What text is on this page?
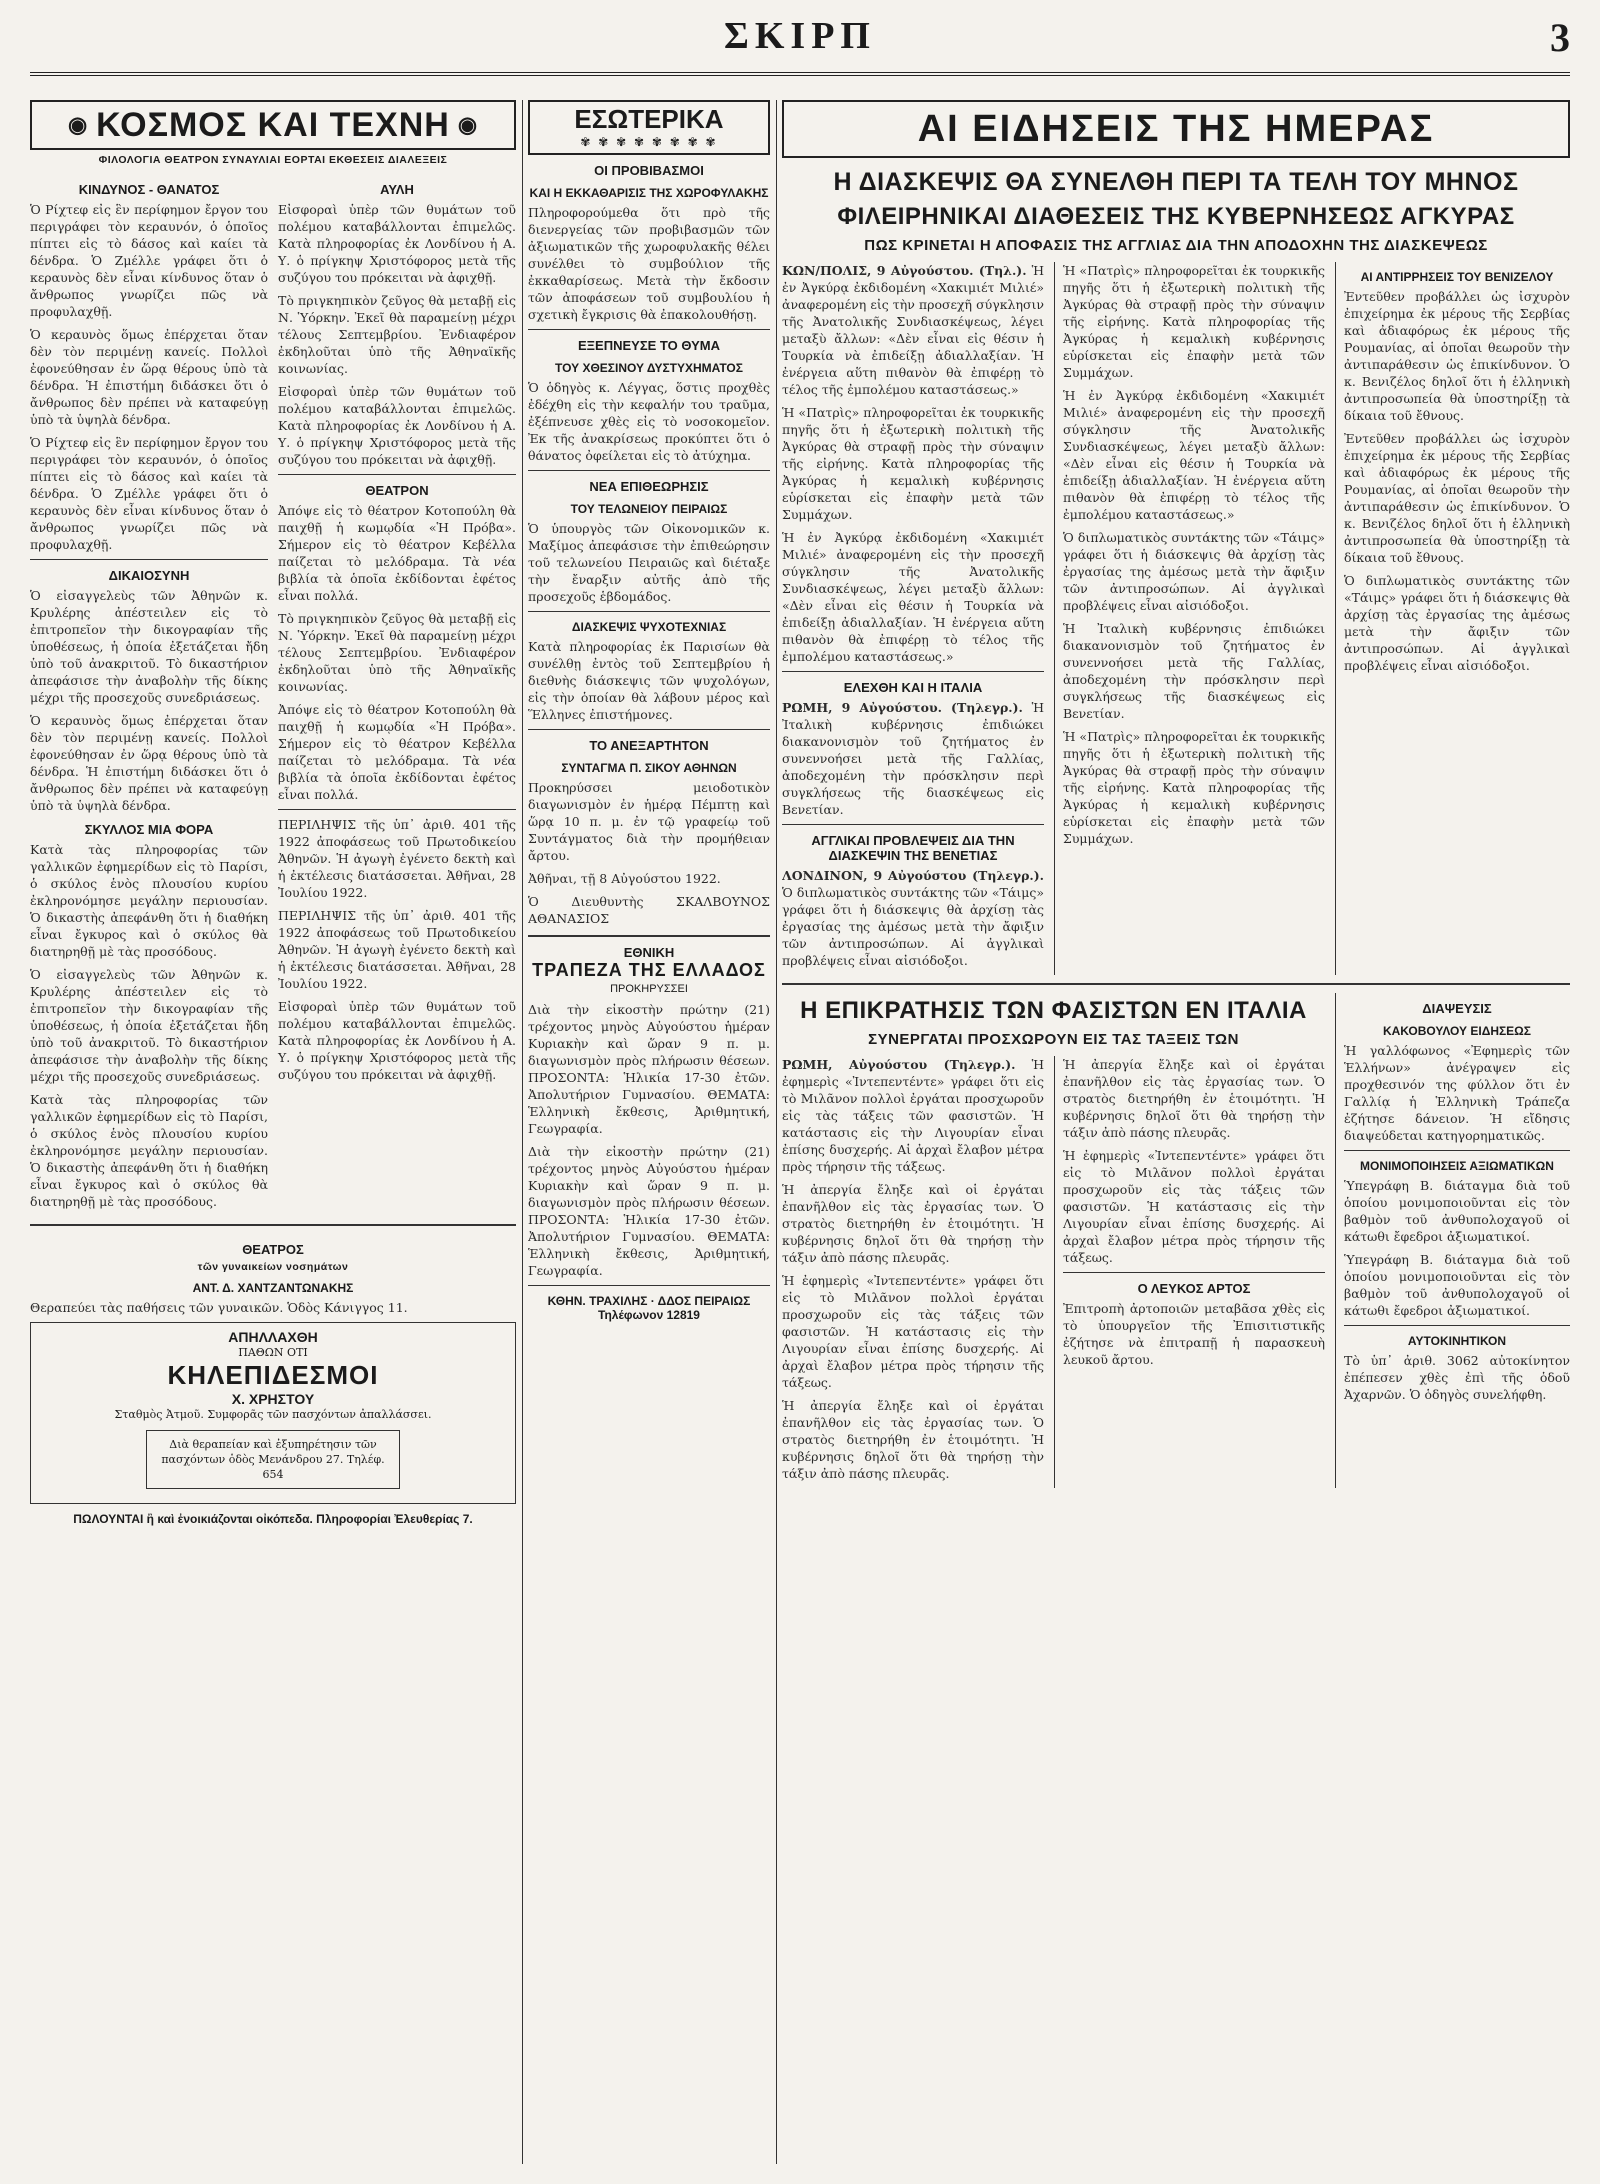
ΣΚΙΡΠ	3
◉ ΚΟΣΜΟΣ ΚΑΙ ΤΕΧΝΗ ◉
ΦΙΛΟΛΟΓΙΑ ΘΕΑΤΡΟΝ ΣΥΝΑΥΛΙΑΙ ΕΟΡΤΑΙ ΕΚΘΕΣΕΙΣ ΔΙΑΛΕΞΕΙΣ
ΚΙΝΔΥΝΟΣ - ΘΑΝΑΤΟΣ

Ὁ Ρίχτεφ εἰς ἓν περίφημον ἔργον του περιγράφει τὸν κεραυνόν, ὁ ὁποῖος πίπτει εἰς τὸ δάσος καὶ καίει τὰ δένδρα. Ὁ Ζμέλλε γράφει ὅτι ὁ κεραυνὸς δὲν εἶναι κίνδυνος ὅταν ὁ ἄνθρωπος γνωρίζει πῶς νὰ προφυλαχθῇ.

Ὁ κεραυνὸς ὅμως ἐπέρχεται ὅταν δὲν τὸν περιμένῃ κανείς. Πολλοὶ ἐφονεύθησαν ἐν ὥρᾳ θέρους ὑπὸ τὰ δένδρα. Ἡ ἐπιστήμη διδάσκει ὅτι ὁ ἄνθρωπος δὲν πρέπει νὰ καταφεύγῃ ὑπὸ τὰ ὑψηλὰ δένδρα.

Ὁ Ρίχτεφ εἰς ἓν περίφημον ἔργον του περιγράφει τὸν κεραυνόν, ὁ ὁποῖος πίπτει εἰς τὸ δάσος καὶ καίει τὰ δένδρα. Ὁ Ζμέλλε γράφει ὅτι ὁ κεραυνὸς δὲν εἶναι κίνδυνος ὅταν ὁ ἄνθρωπος γνωρίζει πῶς νὰ προφυλαχθῇ.

ΔΙΚΑΙΟΣΥΝΗ

Ὁ εἰσαγγελεὺς τῶν Ἀθηνῶν κ. Κρυλέρης ἀπέστειλεν εἰς τὸ ἐπιτροπεῖον τὴν δικογραφίαν τῆς ὑποθέσεως, ἡ ὁποία ἐξετάζεται ἤδη ὑπὸ τοῦ ἀνακριτοῦ. Τὸ δικαστήριον ἀπεφάσισε τὴν ἀναβολὴν τῆς δίκης μέχρι τῆς προσεχοῦς συνεδριάσεως.

Ὁ κεραυνὸς ὅμως ἐπέρχεται ὅταν δὲν τὸν περιμένῃ κανείς. Πολλοὶ ἐφονεύθησαν ἐν ὥρᾳ θέρους ὑπὸ τὰ δένδρα. Ἡ ἐπιστήμη διδάσκει ὅτι ὁ ἄνθρωπος δὲν πρέπει νὰ καταφεύγῃ ὑπὸ τὰ ὑψηλὰ δένδρα.

ΣΚΥΛΛΟΣ ΜΙΑ ΦΟΡΑ

Κατὰ τὰς πληροφορίας τῶν γαλλικῶν ἐφημερίδων εἰς τὸ Παρίσι, ὁ σκύλος ἑνὸς πλουσίου κυρίου ἐκληρονόμησε μεγάλην περιουσίαν. Ὁ δικαστὴς ἀπεφάνθη ὅτι ἡ διαθήκη εἶναι ἔγκυρος καὶ ὁ σκύλος θὰ διατηρηθῇ μὲ τὰς προσόδους.

Ὁ εἰσαγγελεὺς τῶν Ἀθηνῶν κ. Κρυλέρης ἀπέστειλεν εἰς τὸ ἐπιτροπεῖον τὴν δικογραφίαν τῆς ὑποθέσεως, ἡ ὁποία ἐξετάζεται ἤδη ὑπὸ τοῦ ἀνακριτοῦ. Τὸ δικαστήριον ἀπεφάσισε τὴν ἀναβολὴν τῆς δίκης μέχρι τῆς προσεχοῦς συνεδριάσεως.

Κατὰ τὰς πληροφορίας τῶν γαλλικῶν ἐφημερίδων εἰς τὸ Παρίσι, ὁ σκύλος ἑνὸς πλουσίου κυρίου ἐκληρονόμησε μεγάλην περιουσίαν. Ὁ δικαστὴς ἀπεφάνθη ὅτι ἡ διαθήκη εἶναι ἔγκυρος καὶ ὁ σκύλος θὰ διατηρηθῇ μὲ τὰς προσόδους.

ΑΥΛΗ

Εἰσφοραὶ ὑπὲρ τῶν θυμάτων τοῦ πολέμου καταβάλλονται ἐπιμελῶς. Κατὰ πληροφορίας ἐκ Λονδίνου ἡ Α. Υ. ὁ πρίγκηψ Χριστόφορος μετὰ τῆς συζύγου του πρόκειται νὰ ἀφιχθῇ.

Τὸ πριγκηπικὸν ζεῦγος θὰ μεταβῇ εἰς Ν. Ὑόρκην. Ἐκεῖ θὰ παραμείνῃ μέχρι τέλους Σεπτεμβρίου. Ἐνδιαφέρον ἐκδηλοῦται ὑπὸ τῆς Ἀθηναϊκῆς κοινωνίας.

Εἰσφοραὶ ὑπὲρ τῶν θυμάτων τοῦ πολέμου καταβάλλονται ἐπιμελῶς. Κατὰ πληροφορίας ἐκ Λονδίνου ἡ Α. Υ. ὁ πρίγκηψ Χριστόφορος μετὰ τῆς συζύγου του πρόκειται νὰ ἀφιχθῇ.

ΘΕΑΤΡΟΝ

Ἀπόψε εἰς τὸ θέατρον Κοτοπούλη θὰ παιχθῇ ἡ κωμῳδία «Ἡ Πρόβα». Σήμερον εἰς τὸ θέατρον Κεβέλλα παίζεται τὸ μελόδραμα. Τὰ νέα βιβλία τὰ ὁποῖα ἐκδίδονται ἐφέτος εἶναι πολλά.

Τὸ πριγκηπικὸν ζεῦγος θὰ μεταβῇ εἰς Ν. Ὑόρκην. Ἐκεῖ θὰ παραμείνῃ μέχρι τέλους Σεπτεμβρίου. Ἐνδιαφέρον ἐκδηλοῦται ὑπὸ τῆς Ἀθηναϊκῆς κοινωνίας.

Ἀπόψε εἰς τὸ θέατρον Κοτοπούλη θὰ παιχθῇ ἡ κωμῳδία «Ἡ Πρόβα». Σήμερον εἰς τὸ θέατρον Κεβέλλα παίζεται τὸ μελόδραμα. Τὰ νέα βιβλία τὰ ὁποῖα ἐκδίδονται ἐφέτος εἶναι πολλά.

ΠΕΡΙΛΗΨΙΣ τῆς ὑπ᾿ ἀριθ. 401 τῆς 1922 ἀποφάσεως τοῦ Πρωτοδικείου Ἀθηνῶν. Ἡ ἀγωγὴ ἐγένετο δεκτὴ καὶ ἡ ἐκτέλεσις διατάσσεται. Ἀθῆναι, 28 Ἰουλίου 1922.

ΠΕΡΙΛΗΨΙΣ τῆς ὑπ᾿ ἀριθ. 401 τῆς 1922 ἀποφάσεως τοῦ Πρωτοδικείου Ἀθηνῶν. Ἡ ἀγωγὴ ἐγένετο δεκτὴ καὶ ἡ ἐκτέλεσις διατάσσεται. Ἀθῆναι, 28 Ἰουλίου 1922.

Εἰσφοραὶ ὑπὲρ τῶν θυμάτων τοῦ πολέμου καταβάλλονται ἐπιμελῶς. Κατὰ πληροφορίας ἐκ Λονδίνου ἡ Α. Υ. ὁ πρίγκηψ Χριστόφορος μετὰ τῆς συζύγου του πρόκειται νὰ ἀφιχθῇ.

ΘΕΑΤΡΟΣ
τῶν γυναικείων νοσημάτων
ΑΝΤ. Δ. ΧΑΝΤΖΑΝΤΩΝΑΚΗΣ

Θεραπεύει τὰς παθήσεις τῶν γυναικῶν. Ὁδὸς Κάνιγγος 11.

ΑΠΗΛΛΑΧΘΗ
ΠΑΘΩΝ ΟΤΙ
ΚΗΛΕΠΙΔΕΣΜΟΙ
Χ. ΧΡΗΣΤΟΥ
Σταθμὸς Ἀτμοῦ. Συμφορᾶς τῶν πασχόντων ἀπαλλάσσει.
Διὰ θεραπείαν καὶ ἐξυπηρέτησιν τῶν πασχόντων ὁδὸς Μενάνδρου 27. Τηλέφ. 654
ΠΩΛΟΥΝΤΑΙ ἢ καὶ ἐνοικιάζονται οἰκόπεδα. Πληροφορίαι Ἐλευθερίας 7.
ΕΣΩΤΕΡΙΚΑ
✾ ✾ ✾ ✾ ✾ ✾ ✾ ✾
ΟΙ ΠΡΟΒΙΒΑΣΜΟΙ
ΚΑΙ Η ΕΚΚΑΘΑΡΙΣΙΣ ΤΗΣ ΧΩΡΟΦΥΛΑΚΗΣ

Πληροφορούμεθα ὅτι πρὸ τῆς διενεργείας τῶν προβιβασμῶν τῶν ἀξιωματικῶν τῆς χωροφυλακῆς θέλει συνέλθει τὸ συμβούλιον τῆς ἐκκαθαρίσεως. Μετὰ τὴν ἔκδοσιν τῶν ἀποφάσεων τοῦ συμβουλίου ἡ σχετικὴ ἔγκρισις θὰ ἐπακολουθήσῃ.

ΕΞΕΠΝΕΥΣΕ ΤΟ ΘΥΜΑ
ΤΟΥ ΧΘΕΣΙΝΟΥ ΔΥΣΤΥΧΗΜΑΤΟΣ

Ὁ ὁδηγὸς κ. Λέγγας, ὅστις προχθὲς ἐδέχθη εἰς τὴν κεφαλήν του τραῦμα, ἐξέπνευσε χθὲς εἰς τὸ νοσοκομεῖον. Ἐκ τῆς ἀνακρίσεως προκύπτει ὅτι ὁ θάνατος ὀφείλεται εἰς τὸ ἀτύχημα.

ΝΕΑ ΕΠΙΘΕΩΡΗΣΙΣ
ΤΟΥ ΤΕΛΩΝΕΙΟΥ ΠΕΙΡΑΙΩΣ

Ὁ ὑπουργὸς τῶν Οἰκονομικῶν κ. Μαξίμος ἀπεφάσισε τὴν ἐπιθεώρησιν τοῦ τελωνείου Πειραιῶς καὶ διέταξε τὴν ἔναρξιν αὐτῆς ἀπὸ τῆς προσεχοῦς ἑβδομάδος.

ΔΙΑΣΚΕΨΙΣ ΨΥΧΟΤΕΧΝΙΑΣ

Κατὰ πληροφορίας ἐκ Παρισίων θὰ συνέλθῃ ἐντὸς τοῦ Σεπτεμβρίου ἡ διεθνὴς διάσκεψις τῶν ψυχολόγων, εἰς τὴν ὁποίαν θὰ λάβουν μέρος καὶ Ἕλληνες ἐπιστήμονες.

ΤΟ ΑΝΕΞΑΡΤΗΤΟΝ
ΣΥΝΤΑΓΜΑ Π. ΣΙΚΟΥ ΑΘΗΝΩΝ

Προκηρύσσει μειοδοτικὸν διαγωνισμὸν ἐν ἡμέρᾳ Πέμπτῃ καὶ ὥρᾳ 10 π. μ. ἐν τῷ γραφείῳ τοῦ Συντάγματος διὰ τὴν προμήθειαν ἄρτου.

Ἀθῆναι, τῇ 8 Αὐγούστου 1922.

Ὁ Διευθυντὴς ΣΚΑΛΒΟΥΝΟΣ ΑΘΑΝΑΣΙΟΣ

ΕΘΝΙΚΗ
ΤΡΑΠΕΖΑ ΤΗΣ ΕΛΛΑΔΟΣ
ΠΡΟΚΗΡΥΣΣΕΙ

Διὰ τὴν εἰκοστὴν πρώτην (21) τρέχοντος μηνὸς Αὐγούστου ἡμέραν Κυριακὴν καὶ ὥραν 9 π. μ. διαγωνισμὸν πρὸς πλήρωσιν θέσεων. ΠΡΟΣΟΝΤΑ: Ἡλικία 17-30 ἐτῶν. Ἀπολυτήριον Γυμνασίου. ΘΕΜΑΤΑ: Ἑλληνικὴ ἔκθεσις, Ἀριθμητική, Γεωγραφία.

Διὰ τὴν εἰκοστὴν πρώτην (21) τρέχοντος μηνὸς Αὐγούστου ἡμέραν Κυριακὴν καὶ ὥραν 9 π. μ. διαγωνισμὸν πρὸς πλήρωσιν θέσεων. ΠΡΟΣΟΝΤΑ: Ἡλικία 17-30 ἐτῶν. Ἀπολυτήριον Γυμνασίου. ΘΕΜΑΤΑ: Ἑλληνικὴ ἔκθεσις, Ἀριθμητική, Γεωγραφία.

ΚΘΗΝ. ΤΡΑΧΙΛΗΣ · ΔΔΟΣ ΠΕΙΡΑΙΩΣ Τηλέφωνον 12819
ΑΙ ΕΙΔΗΣΕΙΣ ΤΗΣ ΗΜΕΡΑΣ
Η ΔΙΑΣΚΕΨΙΣ ΘΑ ΣΥΝΕΛΘΗ ΠΕΡΙ ΤΑ ΤΕΛΗ ΤΟΥ ΜΗΝΟΣ
ΦΙΛΕΙΡΗΝΙΚΑΙ ΔΙΑΘΕΣΕΙΣ ΤΗΣ ΚΥΒΕΡΝΗΣΕΩΣ ΑΓΚΥΡΑΣ
ΠΩΣ ΚΡΙΝΕΤΑΙ Η ΑΠΟΦΑΣΙΣ ΤΗΣ ΑΓΓΛΙΑΣ ΔΙΑ ΤΗΝ ΑΠΟΔΟΧΗΝ ΤΗΣ ΔΙΑΣΚΕΨΕΩΣ

ΚΩΝ/ΠΟΛΙΣ, 9 Αὐγούστου. (Τηλ.). Ἡ ἐν Ἀγκύρᾳ ἐκδιδομένη «Χακιμιέτ Μιλιέ» ἀναφερομένη εἰς τὴν προσεχῆ σύγκλησιν τῆς Ἀνατολικῆς Συνδιασκέψεως, λέγει μεταξὺ ἄλλων: «Δὲν εἶναι εἰς θέσιν ἡ Τουρκία νὰ ἐπιδείξῃ ἀδιαλλαξίαν. Ἡ ἐνέργεια αὕτη πιθανὸν θὰ ἐπιφέρῃ τὸ τέλος τῆς ἐμπολέμου καταστάσεως.»

Ἡ «Πατρὶς» πληροφορεῖται ἐκ τουρκικῆς πηγῆς ὅτι ἡ ἐξωτερικὴ πολιτικὴ τῆς Ἀγκύρας θὰ στραφῇ πρὸς τὴν σύναψιν τῆς εἰρήνης. Κατὰ πληροφορίας τῆς Ἀγκύρας ἡ κεμαλικὴ κυβέρνησις εὑρίσκεται εἰς ἐπαφὴν μετὰ τῶν Συμμάχων.

Ἡ ἐν Ἀγκύρᾳ ἐκδιδομένη «Χακιμιέτ Μιλιέ» ἀναφερομένη εἰς τὴν προσεχῆ σύγκλησιν τῆς Ἀνατολικῆς Συνδιασκέψεως, λέγει μεταξὺ ἄλλων: «Δὲν εἶναι εἰς θέσιν ἡ Τουρκία νὰ ἐπιδείξῃ ἀδιαλλαξίαν. Ἡ ἐνέργεια αὕτη πιθανὸν θὰ ἐπιφέρῃ τὸ τέλος τῆς ἐμπολέμου καταστάσεως.»

ΕΛΕΧΘΗ ΚΑΙ Η ΙΤΑΛΙΑ

ΡΩΜΗ, 9 Αὐγούστου. (Τηλεγρ.). Ἡ Ἰταλικὴ κυβέρνησις ἐπιδιώκει διακανονισμὸν τοῦ ζητήματος ἐν συνεννοήσει μετὰ τῆς Γαλλίας, ἀποδεχομένη τὴν πρόσκλησιν περὶ συγκλήσεως τῆς διασκέψεως εἰς Βενετίαν.

ΑΓΓΛΙΚΑΙ ΠΡΟΒΛΕΨΕΙΣ ΔΙΑ ΤΗΝ ΔΙΑΣΚΕΨΙΝ ΤΗΣ ΒΕΝΕΤΙΑΣ

ΛΟΝΔΙΝΟΝ, 9 Αὐγούστου (Τηλεγρ.). Ὁ διπλωματικὸς συντάκτης τῶν «Τάιμς» γράφει ὅτι ἡ διάσκεψις θὰ ἀρχίσῃ τὰς ἐργασίας της ἀμέσως μετὰ τὴν ἄφιξιν τῶν ἀντιπροσώπων. Αἱ ἀγγλικαὶ προβλέψεις εἶναι αἰσιόδοξοι.

Ἡ «Πατρὶς» πληροφορεῖται ἐκ τουρκικῆς πηγῆς ὅτι ἡ ἐξωτερικὴ πολιτικὴ τῆς Ἀγκύρας θὰ στραφῇ πρὸς τὴν σύναψιν τῆς εἰρήνης. Κατὰ πληροφορίας τῆς Ἀγκύρας ἡ κεμαλικὴ κυβέρνησις εὑρίσκεται εἰς ἐπαφὴν μετὰ τῶν Συμμάχων.

Ἡ ἐν Ἀγκύρᾳ ἐκδιδομένη «Χακιμιέτ Μιλιέ» ἀναφερομένη εἰς τὴν προσεχῆ σύγκλησιν τῆς Ἀνατολικῆς Συνδιασκέψεως, λέγει μεταξὺ ἄλλων: «Δὲν εἶναι εἰς θέσιν ἡ Τουρκία νὰ ἐπιδείξῃ ἀδιαλλαξίαν. Ἡ ἐνέργεια αὕτη πιθανὸν θὰ ἐπιφέρῃ τὸ τέλος τῆς ἐμπολέμου καταστάσεως.»

Ὁ διπλωματικὸς συντάκτης τῶν «Τάιμς» γράφει ὅτι ἡ διάσκεψις θὰ ἀρχίσῃ τὰς ἐργασίας της ἀμέσως μετὰ τὴν ἄφιξιν τῶν ἀντιπροσώπων. Αἱ ἀγγλικαὶ προβλέψεις εἶναι αἰσιόδοξοι.

Ἡ Ἰταλικὴ κυβέρνησις ἐπιδιώκει διακανονισμὸν τοῦ ζητήματος ἐν συνεννοήσει μετὰ τῆς Γαλλίας, ἀποδεχομένη τὴν πρόσκλησιν περὶ συγκλήσεως τῆς διασκέψεως εἰς Βενετίαν.

Ἡ «Πατρὶς» πληροφορεῖται ἐκ τουρκικῆς πηγῆς ὅτι ἡ ἐξωτερικὴ πολιτικὴ τῆς Ἀγκύρας θὰ στραφῇ πρὸς τὴν σύναψιν τῆς εἰρήνης. Κατὰ πληροφορίας τῆς Ἀγκύρας ἡ κεμαλικὴ κυβέρνησις εὑρίσκεται εἰς ἐπαφὴν μετὰ τῶν Συμμάχων.

ΑΙ ΑΝΤΙΡΡΗΣΕΙΣ ΤΟΥ ΒΕΝΙΖΕΛΟΥ

Ἐντεῦθεν προβάλλει ὡς ἰσχυρὸν ἐπιχείρημα ἐκ μέρους τῆς Σερβίας καὶ ἀδιαφόρως ἐκ μέρους τῆς Ρουμανίας, αἱ ὁποῖαι θεωροῦν τὴν ἀντιπαράθεσιν ὡς ἐπικίνδυνον. Ὁ κ. Βενιζέλος δηλοῖ ὅτι ἡ ἑλληνικὴ ἀντιπροσωπεία θὰ ὑποστηρίξῃ τὰ δίκαια τοῦ ἔθνους.

Ἐντεῦθεν προβάλλει ὡς ἰσχυρὸν ἐπιχείρημα ἐκ μέρους τῆς Σερβίας καὶ ἀδιαφόρως ἐκ μέρους τῆς Ρουμανίας, αἱ ὁποῖαι θεωροῦν τὴν ἀντιπαράθεσιν ὡς ἐπικίνδυνον. Ὁ κ. Βενιζέλος δηλοῖ ὅτι ἡ ἑλληνικὴ ἀντιπροσωπεία θὰ ὑποστηρίξῃ τὰ δίκαια τοῦ ἔθνους.

Ὁ διπλωματικὸς συντάκτης τῶν «Τάιμς» γράφει ὅτι ἡ διάσκεψις θὰ ἀρχίσῃ τὰς ἐργασίας της ἀμέσως μετὰ τὴν ἄφιξιν τῶν ἀντιπροσώπων. Αἱ ἀγγλικαὶ προβλέψεις εἶναι αἰσιόδοξοι.

Η ΕΠΙΚΡΑΤΗΣΙΣ ΤΩΝ ΦΑΣΙΣΤΩΝ ΕΝ ΙΤΑΛΙΑ
ΣΥΝΕΡΓΑΤΑΙ ΠΡΟΣΧΩΡΟΥΝ ΕΙΣ ΤΑΣ ΤΑΞΕΙΣ ΤΩΝ

ΡΩΜΗ, Αὐγούστου (Τηλεγρ.). Ἡ ἐφημερὶς «Ἰντεπεντέντε» γράφει ὅτι εἰς τὸ Μιλᾶνον πολλοὶ ἐργάται προσχωροῦν εἰς τὰς τάξεις τῶν φασιστῶν. Ἡ κατάστασις εἰς τὴν Λιγουρίαν εἶναι ἐπίσης δυσχερής. Αἱ ἀρχαὶ ἔλαβον μέτρα πρὸς τήρησιν τῆς τάξεως.

Ἡ ἀπεργία ἔληξε καὶ οἱ ἐργάται ἐπανῆλθον εἰς τὰς ἐργασίας των. Ὁ στρατὸς διετηρήθη ἐν ἑτοιμότητι. Ἡ κυβέρνησις δηλοῖ ὅτι θὰ τηρήσῃ τὴν τάξιν ἀπὸ πάσης πλευρᾶς.

Ἡ ἐφημερὶς «Ἰντεπεντέντε» γράφει ὅτι εἰς τὸ Μιλᾶνον πολλοὶ ἐργάται προσχωροῦν εἰς τὰς τάξεις τῶν φασιστῶν. Ἡ κατάστασις εἰς τὴν Λιγουρίαν εἶναι ἐπίσης δυσχερής. Αἱ ἀρχαὶ ἔλαβον μέτρα πρὸς τήρησιν τῆς τάξεως.

Ἡ ἀπεργία ἔληξε καὶ οἱ ἐργάται ἐπανῆλθον εἰς τὰς ἐργασίας των. Ὁ στρατὸς διετηρήθη ἐν ἑτοιμότητι. Ἡ κυβέρνησις δηλοῖ ὅτι θὰ τηρήσῃ τὴν τάξιν ἀπὸ πάσης πλευρᾶς.

Ἡ ἀπεργία ἔληξε καὶ οἱ ἐργάται ἐπανῆλθον εἰς τὰς ἐργασίας των. Ὁ στρατὸς διετηρήθη ἐν ἑτοιμότητι. Ἡ κυβέρνησις δηλοῖ ὅτι θὰ τηρήσῃ τὴν τάξιν ἀπὸ πάσης πλευρᾶς.

Ἡ ἐφημερὶς «Ἰντεπεντέντε» γράφει ὅτι εἰς τὸ Μιλᾶνον πολλοὶ ἐργάται προσχωροῦν εἰς τὰς τάξεις τῶν φασιστῶν. Ἡ κατάστασις εἰς τὴν Λιγουρίαν εἶναι ἐπίσης δυσχερής. Αἱ ἀρχαὶ ἔλαβον μέτρα πρὸς τήρησιν τῆς τάξεως.

Ο ΛΕΥΚΟΣ ΑΡΤΟΣ

Ἐπιτροπὴ ἀρτοποιῶν μεταβᾶσα χθὲς εἰς τὸ ὑπουργεῖον τῆς Ἐπισιτιστικῆς ἐζήτησε νὰ ἐπιτραπῇ ἡ παρασκευὴ λευκοῦ ἄρτου.

ΔΙΑΨΕΥΣΙΣ
ΚΑΚΟΒΟΥΛΟΥ ΕΙΔΗΣΕΩΣ

Ἡ γαλλόφωνος «Ἐφημερὶς τῶν Ἑλλήνων» ἀνέγραψεν εἰς προχθεσινόν της φύλλον ὅτι ἐν Γαλλίᾳ ἡ Ἑλληνικὴ Τράπεζα ἐζήτησε δάνειον. Ἡ εἴδησις διαψεύδεται κατηγορηματικῶς.

ΜΟΝΙΜΟΠΟΙΗΣΕΙΣ ΑΞΙΩΜΑΤΙΚΩΝ

Ὑπεγράφη Β. διάταγμα διὰ τοῦ ὁποίου μονιμοποιοῦνται εἰς τὸν βαθμὸν τοῦ ἀνθυπολοχαγοῦ οἱ κάτωθι ἔφεδροι ἀξιωματικοί.

Ὑπεγράφη Β. διάταγμα διὰ τοῦ ὁποίου μονιμοποιοῦνται εἰς τὸν βαθμὸν τοῦ ἀνθυπολοχαγοῦ οἱ κάτωθι ἔφεδροι ἀξιωματικοί.

ΑΥΤΟΚΙΝΗΤΙΚΟΝ

Τὸ ὑπ᾿ ἀριθ. 3062 αὐτοκίνητον ἐπέπεσεν χθὲς ἐπὶ τῆς ὁδοῦ Ἀχαρνῶν. Ὁ ὁδηγὸς συνελήφθη.
